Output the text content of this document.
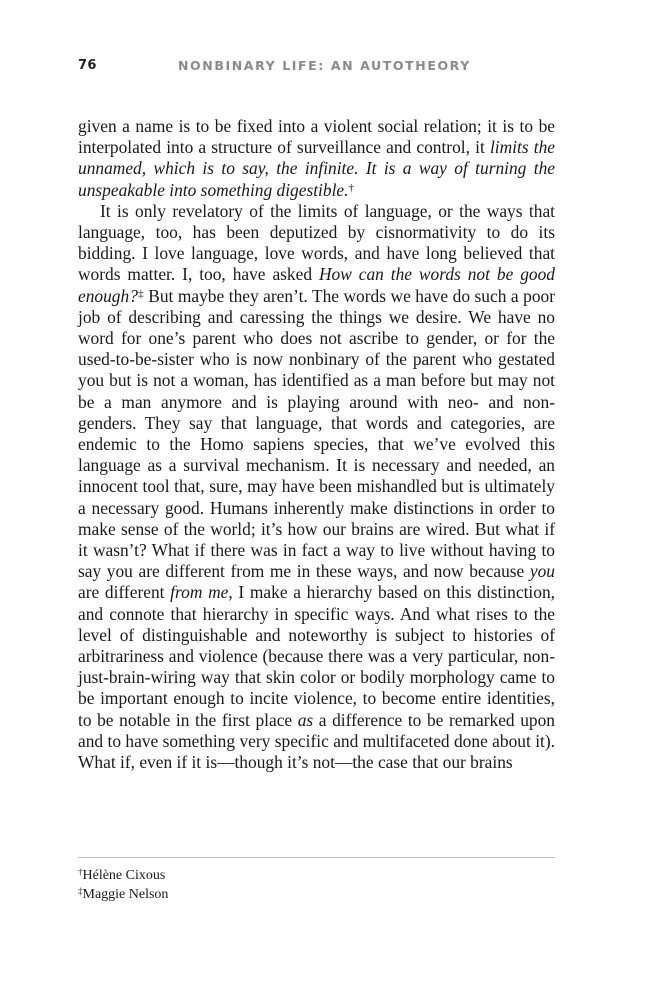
76	NONBINARY LIFE: AN AUTOTHEORY

given a name is to be fixed into a violent social relation; it is to be interpolated into a structure of surveillance and control, it limits the unnamed, which is to say, the infinite. It is a way of turning the unspeakable into something digestible.†

It is only revelatory of the limits of language, or the ways that language, too, has been deputized by cisnormativity to do its bidding. I love language, love words, and have long believed that words matter. I, too, have asked How can the words not be good enough?‡ But maybe they aren’t. The words we have do such a poor job of describing and caressing the things we desire. We have no word for one’s parent who does not ascribe to gender, or for the used-to-be-sister who is now nonbinary of the parent who gestated you but is not a woman, has identified as a man before but may not be a man anymore and is playing around with neo- and non-genders. They say that language, that words and categories, are endemic to the Homo sapiens species, that we’ve evolved this language as a survival mechanism. It is necessary and needed, an innocent tool that, sure, may have been mishandled but is ultimately a necessary good. Humans inherently make distinctions in order to make sense of the world; it’s how our brains are wired. But what if it wasn’t? What if there was in fact a way to live without having to say you are different from me in these ways, and now because you are different from me, I make a hierarchy based on this distinction, and connote that hierarchy in specific ways. And what rises to the level of distinguishable and noteworthy is subject to histories of arbitrariness and violence (because there was a very particular, non-just-brain-wiring way that skin color or bodily morphology came to be important enough to incite violence, to become entire identities, to be notable in the first place as a difference to be remarked upon and to have something very specific and multifaceted done about it). What if, even if it is—though it’s not—the case that our brains

†Hélène Cixous
‡Maggie Nelson
